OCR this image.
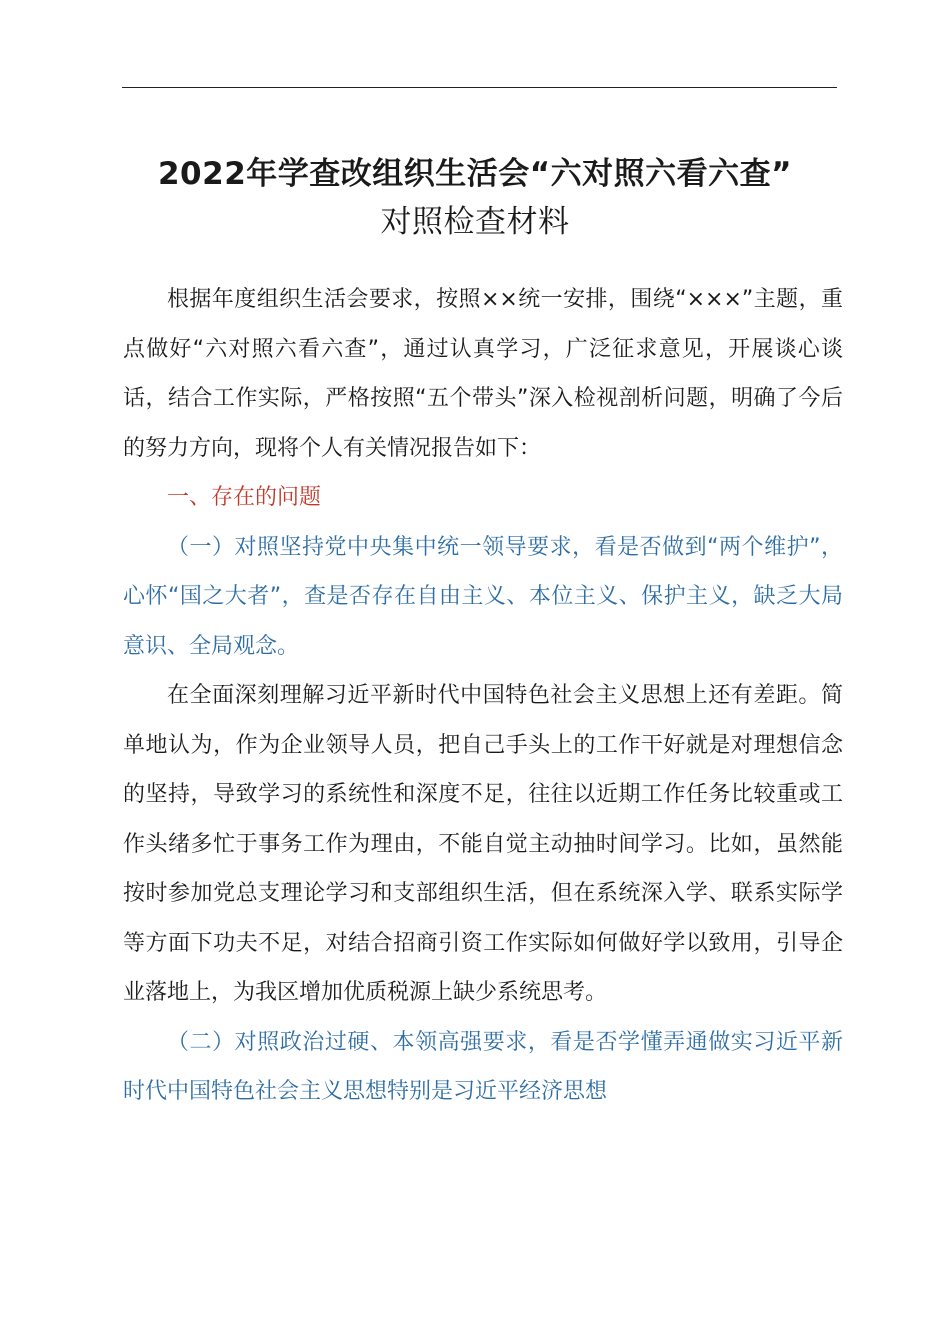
2022年学查改组织生活会“六对照六看六查”
对照检查材料

根据年度组织生活会要求，按照××统一安排，围绕“×××”主题，重点做好“六对照六看六查”，通过认真学习，广泛征求意见，开展谈心谈话，结合工作实际，严格按照“五个带头”深入检视剖析问题，明确了今后的努力方向，现将个人有关情况报告如下：

一、存在的问题

（一）对照坚持党中央集中统一领导要求，看是否做到“两个维护”，心怀“国之大者”，查是否存在自由主义、本位主义、保护主义，缺乏大局意识、全局观念。

在全面深刻理解习近平新时代中国特色社会主义思想上还有差距。简单地认为，作为企业领导人员，把自己手头上的工作干好就是对理想信念的坚持，导致学习的系统性和深度不足，往往以近期工作任务比较重或工作头绪多忙于事务工作为理由，不能自觉主动抽时间学习。比如，虽然能按时参加党总支理论学习和支部组织生活，但在系统深入学、联系实际学等方面下功夫不足，对结合招商引资工作实际如何做好学以致用，引导企业落地上，为我区增加优质税源上缺少系统思考。

（二）对照政治过硬、本领高强要求，看是否学懂弄通做实习近平新时代中国特色社会主义思想特别是习近平经济思想
